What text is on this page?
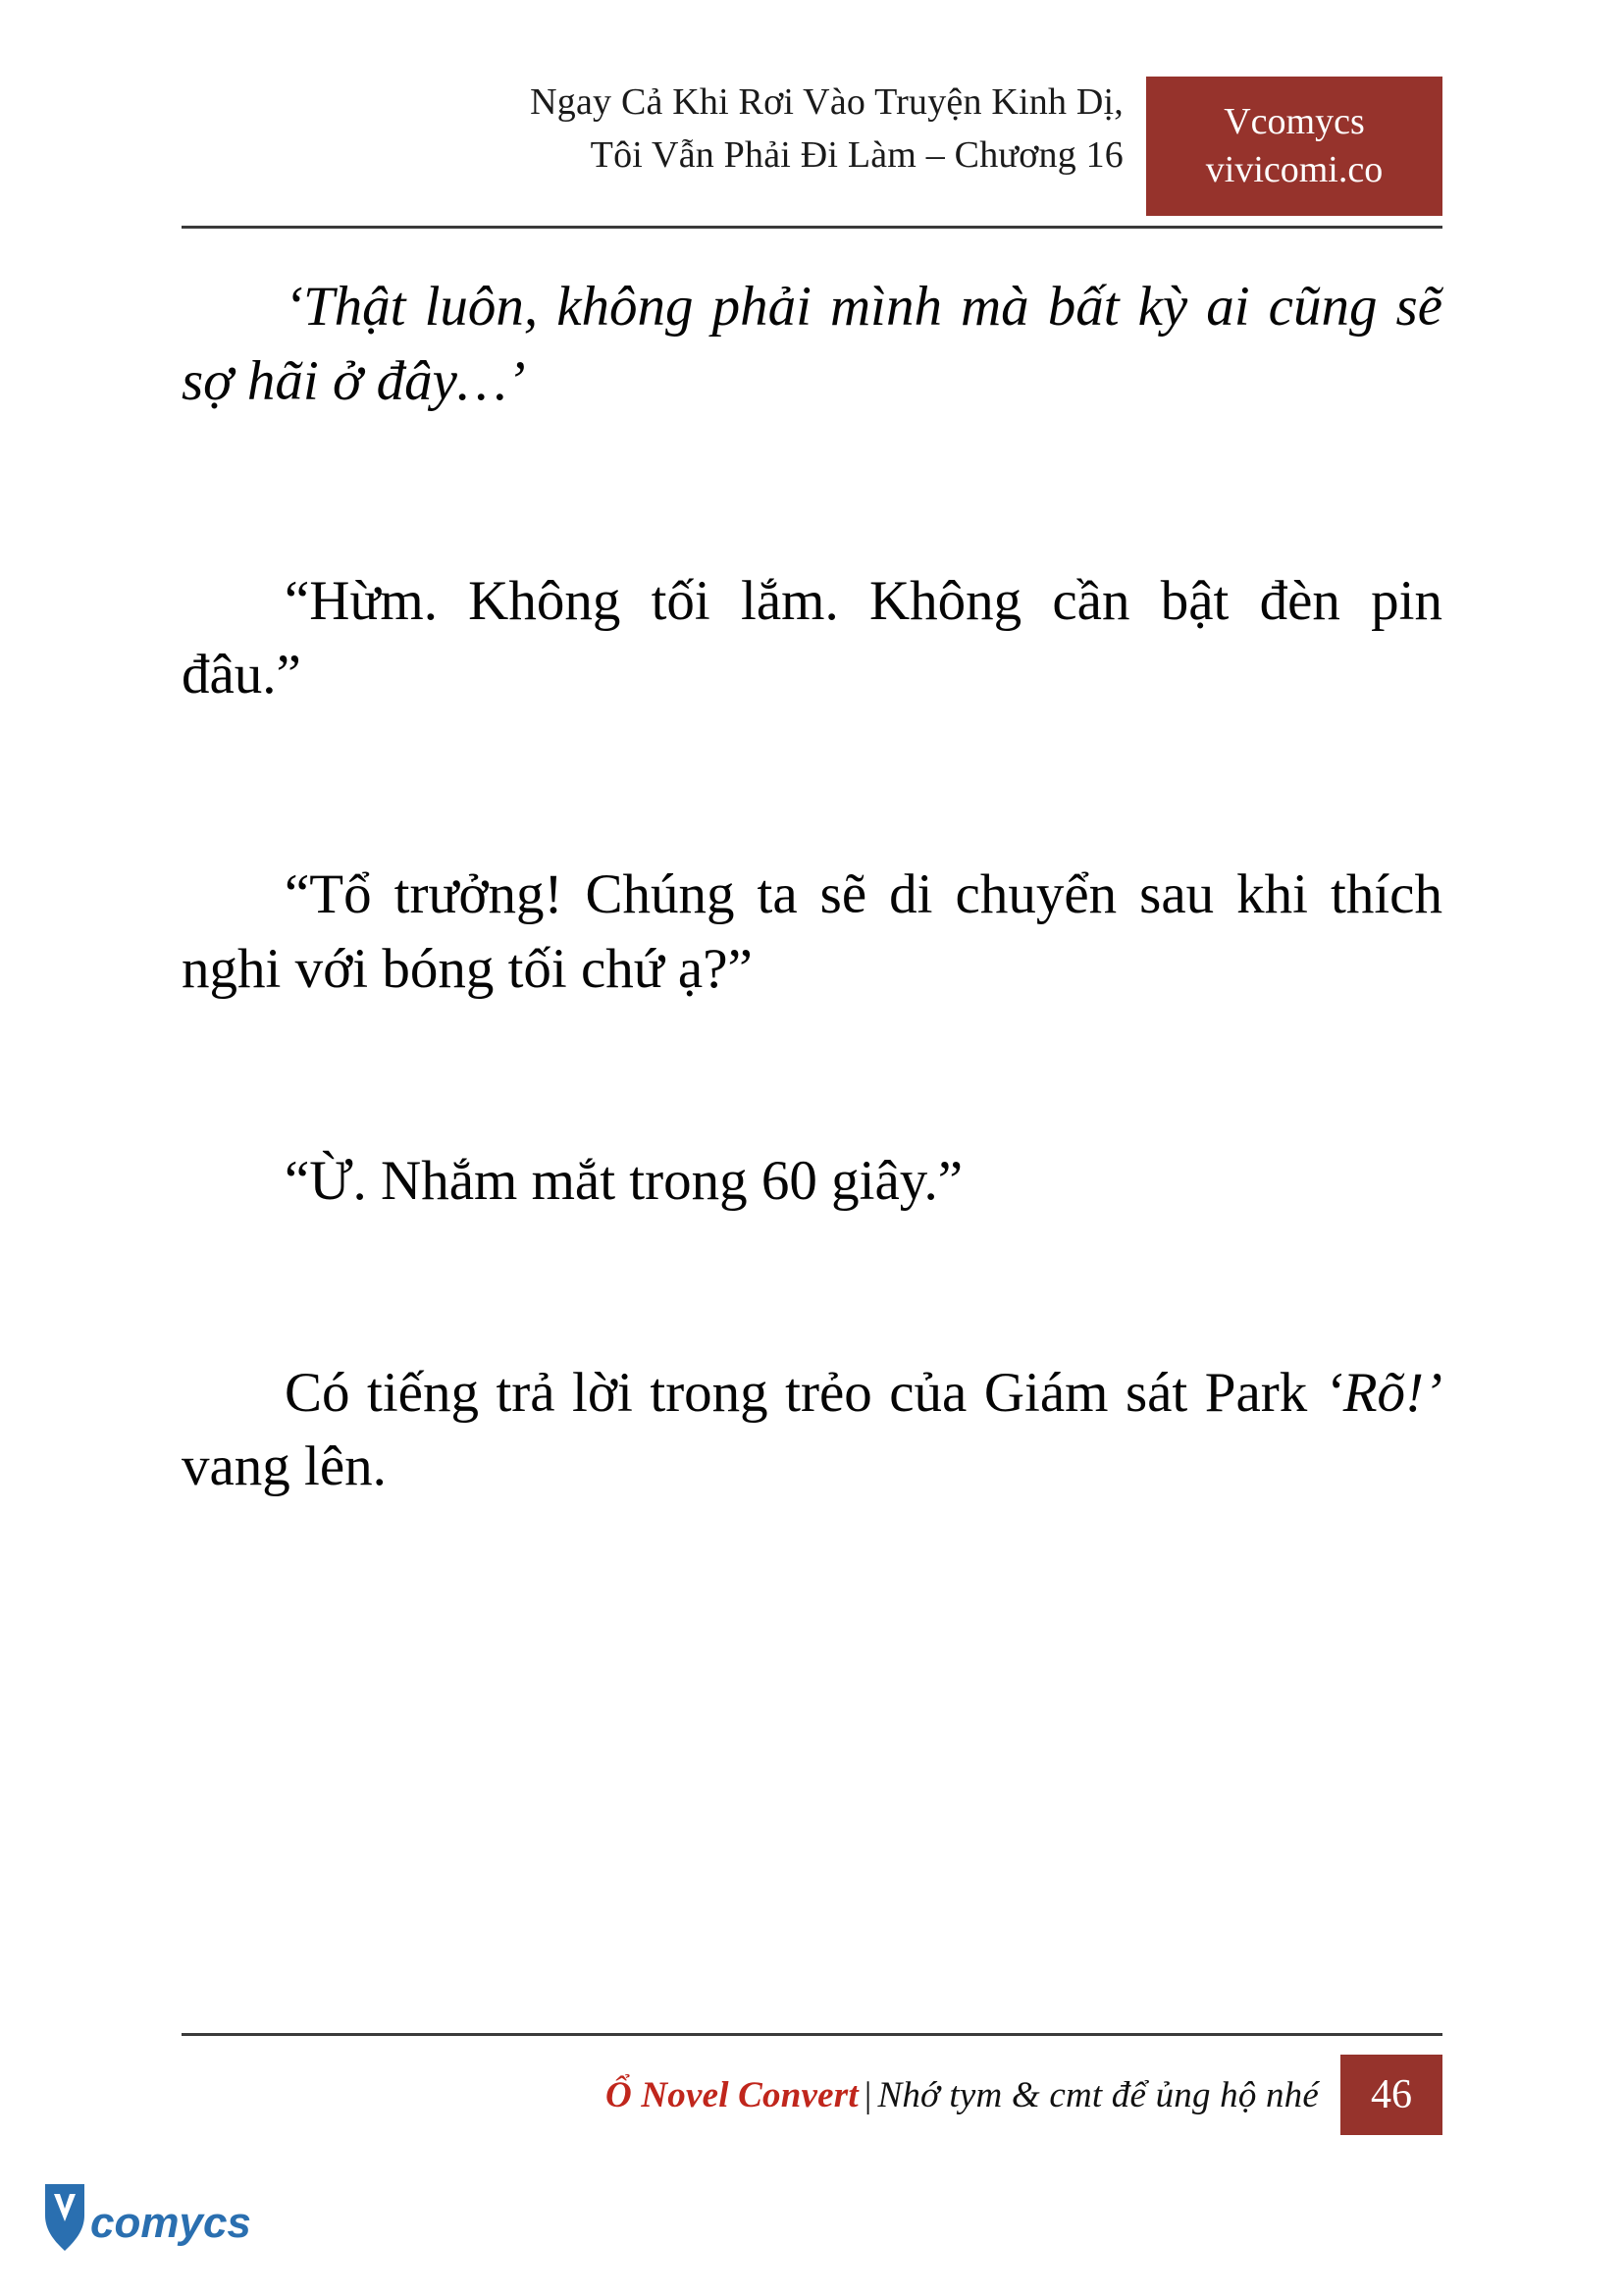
Ngay Cả Khi Rơi Vào Truyện Kinh Dị,
Tôi Vẫn Phải Đi Làm – Chương 16
Vcomycs
vivicomi.co

‘Thật luôn, không phải mình mà bất kỳ ai cũng sẽ sợ hãi ở đây…’

“Hừm. Không tối lắm. Không cần bật đèn pin đâu.”

“Tổ trưởng! Chúng ta sẽ di chuyển sau khi thích nghi với bóng tối chứ ạ?”

“Ừ. Nhắm mắt trong 60 giây.”

Có tiếng trả lời trong trẻo của Giám sát Park ‘Rõ!’ vang lên.

Ổ Novel Convert | Nhớ tym & cmt để ủng hộ nhé	46
comycs
